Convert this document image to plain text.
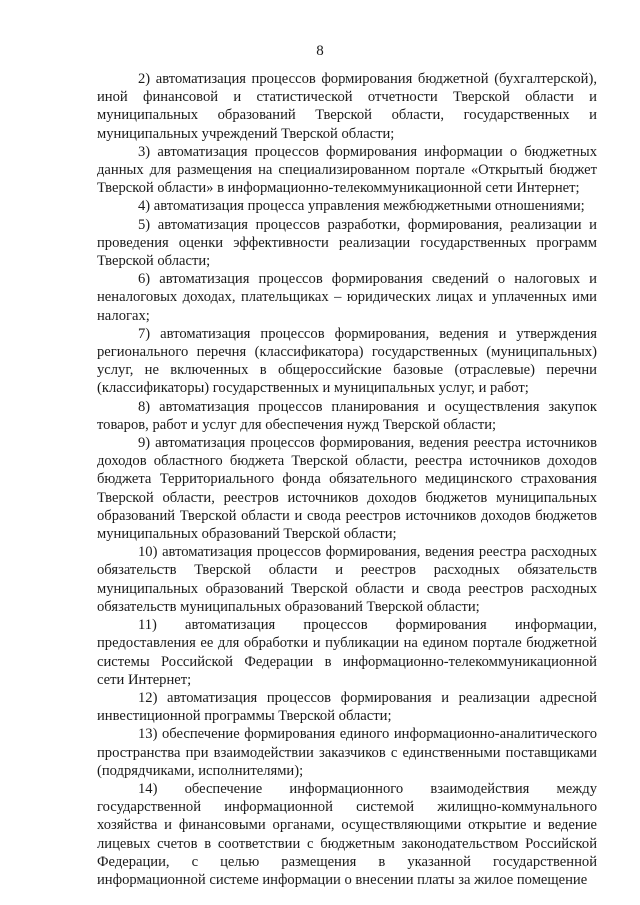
8

2) автоматизация процессов формирования бюджетной (бухгалтерской), иной финансовой и статистической отчетности Тверской области и муниципальных образований Тверской области, государственных и муниципальных учреждений Тверской области;

3) автоматизация процессов формирования информации о бюджетных данных для размещения на специализированном портале «Открытый бюджет Тверской области» в информационно-телекоммуникационной сети Интернет;

4) автоматизация процесса управления межбюджетными отношениями;

5) автоматизация процессов разработки, формирования, реализации и проведения оценки эффективности реализации государственных программ Тверской области;

6) автоматизация процессов формирования сведений о налоговых и неналоговых доходах, плательщиках – юридических лицах и уплаченных ими налогах;

7) автоматизация процессов формирования, ведения и утверждения регионального перечня (классификатора) государственных (муниципальных) услуг, не включенных в общероссийские базовые (отраслевые) перечни (классификаторы) государственных и муниципальных услуг, и работ;

8) автоматизация процессов планирования и осуществления закупок товаров, работ и услуг для обеспечения нужд Тверской области;

9) автоматизация процессов формирования, ведения реестра источников доходов областного бюджета Тверской области, реестра источников доходов бюджета Территориального фонда обязательного медицинского страхования Тверской области, реестров источников доходов бюджетов муниципальных образований Тверской области и свода реестров источников доходов бюджетов муниципальных образований Тверской области;

10) автоматизация процессов формирования, ведения реестра расходных обязательств Тверской области и реестров расходных обязательств муниципальных образований Тверской области и свода реестров расходных обязательств муниципальных образований Тверской области;

11) автоматизация процессов формирования информации, предоставления ее для обработки и публикации на едином портале бюджетной системы Российской Федерации в информационно-телекоммуникационной сети Интернет;

12) автоматизация процессов формирования и реализации адресной инвестиционной программы Тверской области;

13) обеспечение формирования единого информационно-аналитического пространства при взаимодействии заказчиков с единственными поставщиками (подрядчиками, исполнителями);

14) обеспечение информационного взаимодействия между государственной информационной системой жилищно-коммунального хозяйства и финансовыми органами, осуществляющими открытие и ведение лицевых счетов в соответствии с бюджетным законодательством Российской Федерации, с целью размещения в указанной государственной информационной системе информации о внесении платы за жилое помещение
